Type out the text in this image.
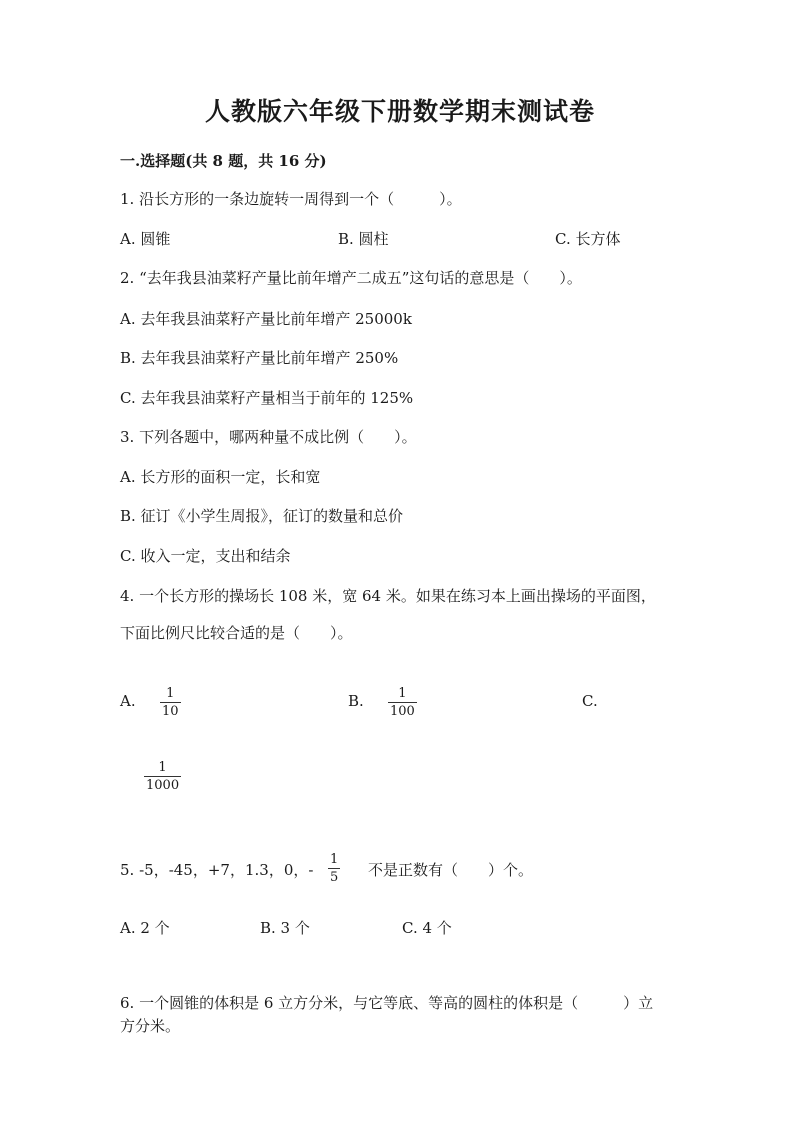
人教版六年级下册数学期末测试卷
一.选择题(共 8 题，共 16 分)
1. 沿长方形的一条边旋转一周得到一个（　　　）。
A. 圆锥	B. 圆柱	C. 长方体
2. “去年我县油菜籽产量比前年增产二成五”这句话的意思是（　　）。
A. 去年我县油菜籽产量比前年增产 25000k
B. 去年我县油菜籽产量比前年增产 250%
C. 去年我县油菜籽产量相当于前年的 125%
3. 下列各题中，哪两种量不成比例（　　）。
A. 长方形的面积一定，长和宽
B. 征订《小学生周报》，征订的数量和总价
C. 收入一定，支出和结余
4. 一个长方形的操场长 108 米，宽 64 米。如果在练习本上画出操场的平面图，
下面比例尺比较合适的是（　　）。
A. 1
10
B.	1
100
C.
1
1000
5. -5，-45，+7，1.3，0，-
1
5 不是正数有（　　）个。
A. 2 个	B. 3 个	C. 4 个
6. 一个圆锥的体积是 6 立方分米，与它等底、等高的圆柱的体积是（　　　）立
方分米。
